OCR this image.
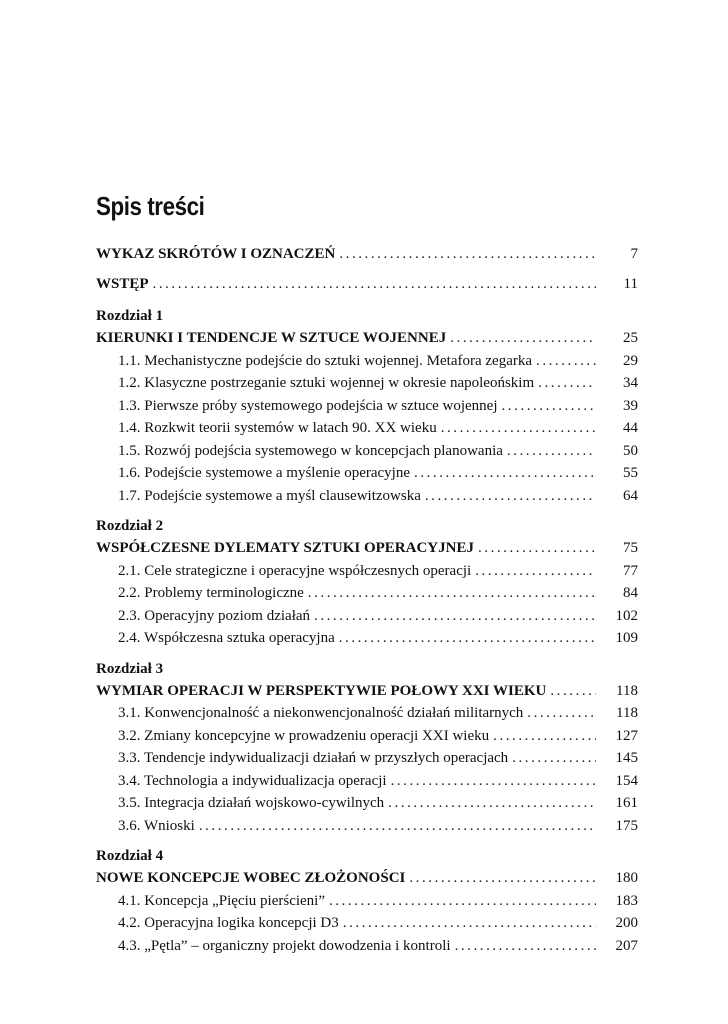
Spis treści
WYKAZ SKRÓTÓW I OZNACZEŃ . . .	7
WSTĘP . . .	11
Rozdział 1
KIERUNKI I TENDENCJE W SZTUCE WOJENNEJ . . .	25
1.1. Mechanistyczne podejście do sztuki wojennej. Metafora zegarka . . .	29
1.2. Klasyczne postrzeganie sztuki wojennej w okresie napoleońskim . . .	34
1.3. Pierwsze próby systemowego podejścia w sztuce wojennej . . .	39
1.4. Rozkwit teorii systemów w latach 90. XX wieku . . .	44
1.5. Rozwój podejścia systemowego w koncepcjach planowania . . .	50
1.6. Podejście systemowe a myślenie operacyjne . . .	55
1.7. Podejście systemowe a myśl clausewitzowska . . .	64
Rozdział 2
WSPÓŁCZESNE DYLEMATY SZTUKI OPERACYJNEJ . . .	75
2.1. Cele strategiczne i operacyjne współczesnych operacji . . .	77
2.2. Problemy terminologiczne . . .	84
2.3. Operacyjny poziom działań . . .	102
2.4. Współczesna sztuka operacyjna . . .	109
Rozdział 3
WYMIAR OPERACJI W PERSPEKTYWIE POŁOWY XXI WIEKU . . .	118
3.1. Konwencjonalność a niekonwencjonalność działań militarnych . . .	118
3.2. Zmiany koncepcyjne w prowadzeniu operacji XXI wieku . . .	127
3.3. Tendencje indywidualizacji działań w przyszłych operacjach . . .	145
3.4. Technologia a indywidualizacja operacji . . .	154
3.5. Integracja działań wojskowo-cywilnych . . .	161
3.6. Wnioski . . .	175
Rozdział 4
NOWE KONCEPCJE WOBEC ZŁOŻONOŚCI . . .	180
4.1. Koncepcja „Pięciu pierścieni” . . .	183
4.2. Operacyjna logika koncepcji D3 . . .	200
4.3. „Pętla” – organiczny projekt dowodzenia i kontroli . . .	207
